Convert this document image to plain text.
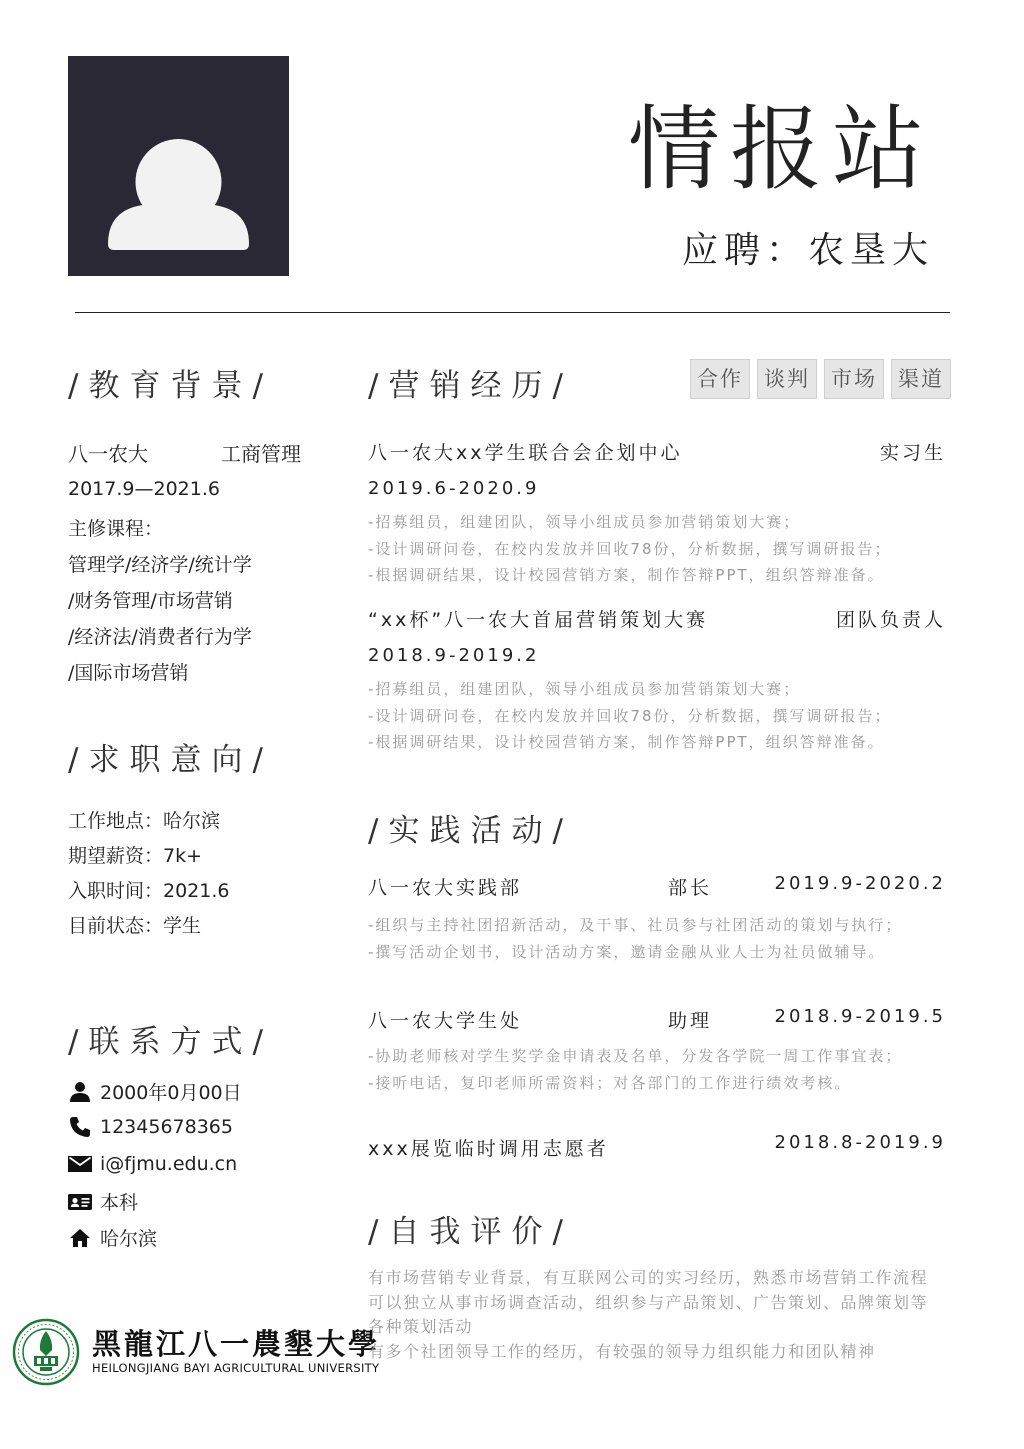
情报站
应聘：农垦大
/教育背景/
八一农大	工商管理
2017.9—2021.6
主修课程：
管理学/经济学/统计学
/财务管理/市场营销
/经济法/消费者行为学
/国际市场营销
/求职意向/
工作地点：哈尔滨
期望薪资：7k+
入职时间：2021.6
目前状态：学生
/联系方式/
2000年0月00日
12345678365
i@fjmu.edu.cn
本科
哈尔滨
黑龍江八一農墾大學
HEILONGJIANG BAYI AGRICULTURAL UNIVERSITY
/营销经历/	合作	谈判	市场	渠道
八一农大xx学生联合会企划中心	实习生
2019.6-2020.9
-招募组员，组建团队，领导小组成员参加营销策划大赛；
-设计调研问卷，在校内发放并回收78份，分析数据，撰写调研报告；
-根据调研结果，设计校园营销方案，制作答辩PPT，组织答辩准备。
“xx杯”八一农大首届营销策划大赛	团队负责人
2018.9-2019.2
-招募组员，组建团队，领导小组成员参加营销策划大赛；
-设计调研问卷，在校内发放并回收78份，分析数据，撰写调研报告；
-根据调研结果，设计校园营销方案，制作答辩PPT，组织答辩准备。
/实践活动/
八一农大实践部	部长	2019.9-2020.2
-组织与主持社团招新活动，及干事、社员参与社团活动的策划与执行；
-撰写活动企划书，设计活动方案，邀请金融从业人士为社员做辅导。
八一农大学生处	助理	2018.9-2019.5
-协助老师核对学生奖学金申请表及名单，分发各学院一周工作事宜表；
-接听电话，复印老师所需资料；对各部门的工作进行绩效考核。
xxx展览临时调用志愿者	2018.8-2019.9
/自我评价/

有市场营销专业背景，有互联网公司的实习经历，熟悉市场营销工作流程

可以独立从事市场调查活动，组织参与产品策划、广告策划、品牌策划等各种策划活动

有多个社团领导工作的经历，有较强的领导力组织能力和团队精神
